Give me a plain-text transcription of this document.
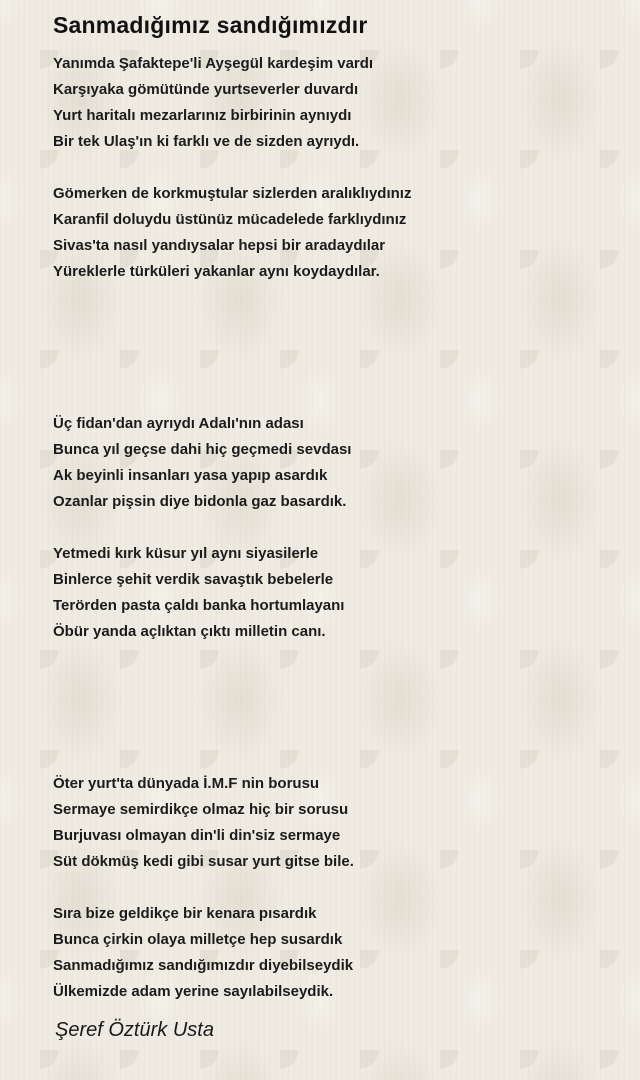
Sanmadığımız sandığımızdır
Yanımda Şafaktepe'li Ayşegül kardeşim vardı
Karşıyaka gömütünde yurtseverler duvardı
Yurt haritalı mezarlarınız birbirinin aynıydı
Bir tek Ulaş'ın ki farklı ve de sizden ayrıydı.
Gömerken de korkmuştular sizlerden aralıklıydınız
Karanfil doluydu üstünüz mücadelede farklıydınız
Sivas'ta nasıl yandıysalar hepsi bir aradaydılar
Yüreklerle türküleri yakanlar aynı koydaydılar.
Üç fidan'dan ayrıydı Adalı'nın adası
Bunca yıl geçse dahi hiç geçmedi sevdası
Ak beyinli insanları yasa yapıp asardık
Ozanlar pişsin diye bidonla gaz basardık.
Yetmedi kırk küsur yıl aynı siyasilerle
Binlerce şehit verdik savaştık bebelerle
Terörden pasta çaldı banka hortumlayanı
Öbür yanda açlıktan çıktı milletin canı.
Öter yurt'ta dünyada İ.M.F nin borusu
Sermaye semirdikçe olmaz hiç bir sorusu
Burjuvası olmayan din'li din'siz sermaye
Süt dökmüş kedi gibi susar yurt gitse bile.
Sıra bize geldikçe bir kenara pısardık
Bunca çirkin olaya milletçe hep susardık
Sanmadığımız sandığımızdır diyebilseydik
Ülkemizde adam yerine sayılabilseydik.
Şeref Öztürk Usta
